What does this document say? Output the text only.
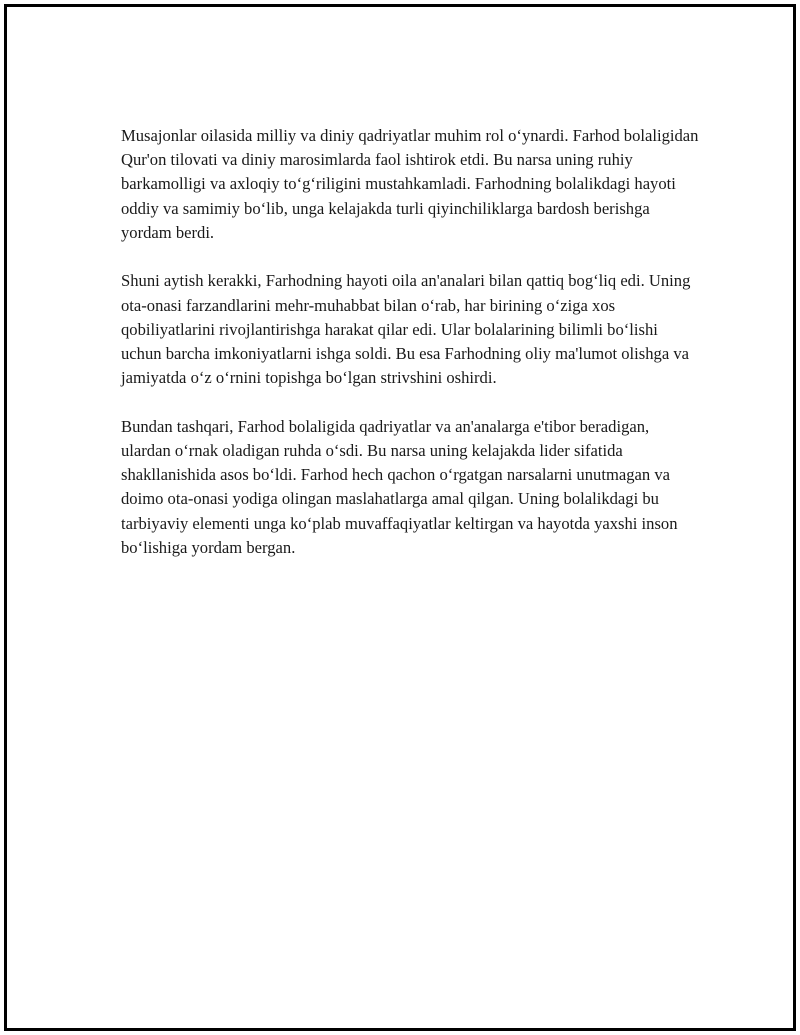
Musajonlar oilasida milliy va diniy qadriyatlar muhim rol o‘ynardi. Farhod bolaligidan Qur'on tilovati va diniy marosimlarda faol ishtirok etdi. Bu narsa uning ruhiy barkamolligi va axloqiy to‘g‘riligini mustahkamladi. Farhodning bolalikdagi hayoti oddiy va samimiy bo‘lib, unga kelajakda turli qiyinchiliklarga bardosh berishga yordam berdi.

Shuni aytish kerakki, Farhodning hayoti oila an'analari bilan qattiq bog‘liq edi. Uning ota-onasi farzandlarini mehr-muhabbat bilan o‘rab, har birining o‘ziga xos qobiliyatlarini rivojlantirishga harakat qilar edi. Ular bolalarining bilimli bo‘lishi uchun barcha imkoniyatlarni ishga soldi. Bu esa Farhodning oliy ma'lumot olishga va jamiyatda o‘z o‘rnini topishga bo‘lgan strivshini oshirdi.

Bundan tashqari, Farhod bolaligida qadriyatlar va an'analarga e'tibor beradigan, ulardan o‘rnak oladigan ruhda o‘sdi. Bu narsa uning kelajakda lider sifatida shakllanishida asos bo‘ldi. Farhod hech qachon o‘rgatgan narsalarni unutmagan va doimo ota-onasi yodiga olingan maslahatlarga amal qilgan. Uning bolalikdagi bu tarbiyaviy elementi unga ko‘plab muvaffaqiyatlar keltirgan va hayotda yaxshi inson bo‘lishiga yordam bergan.
